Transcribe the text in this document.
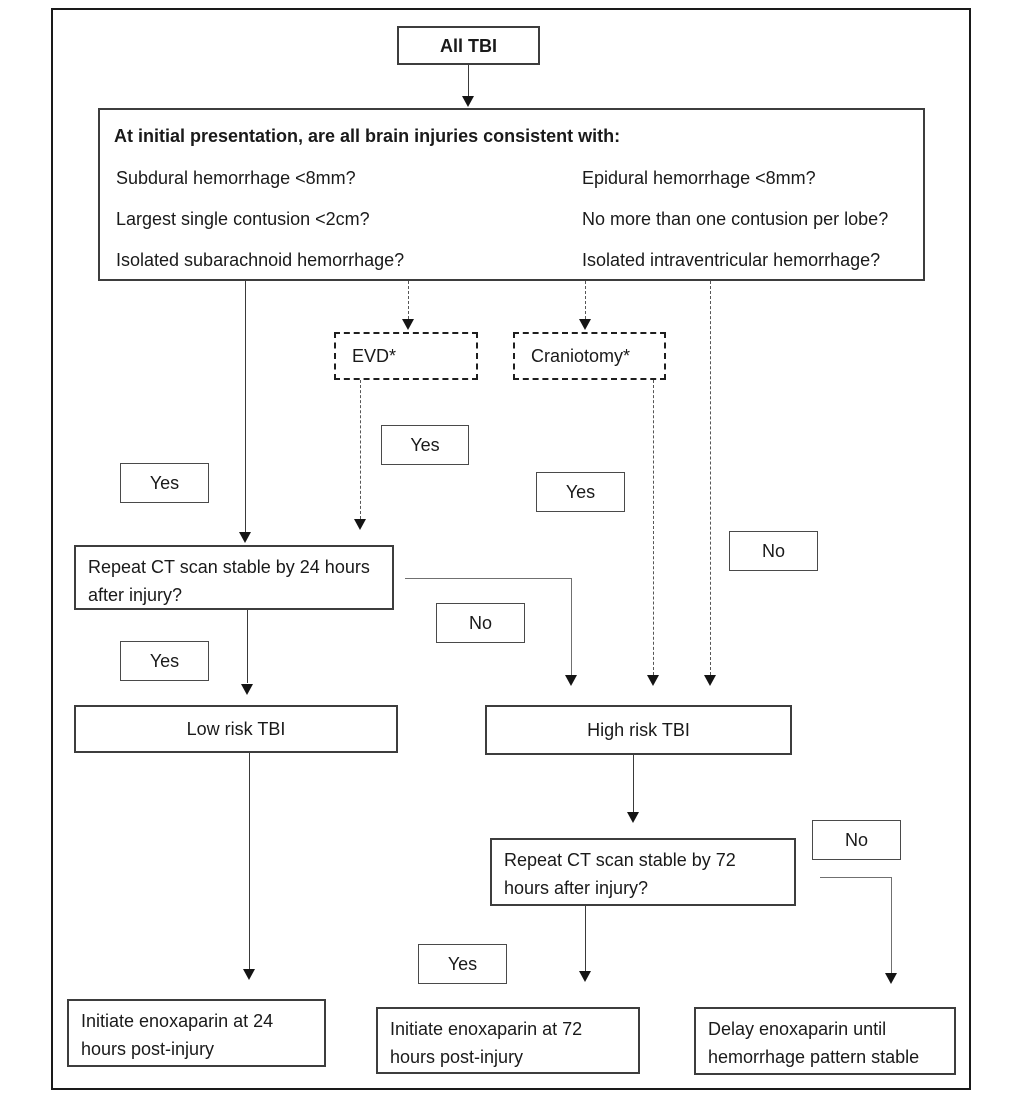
All TBI
At initial presentation, are all brain injuries consistent with:
Subdural hemorrhage <8mm?
Largest single contusion <2cm?
Isolated subarachnoid hemorrhage?
Epidural hemorrhage <8mm?
No more than one contusion per lobe?
Isolated intraventricular hemorrhage?
EVD*	Craniotomy*
Yes
Yes
Yes
No
Repeat CT scan stable by 24 hours after injury?
No
Yes
Low risk TBI	High risk TBI
Repeat CT scan stable by 72 hours after injury?
No
Yes
Initiate enoxaparin at 24 hours post-injury
Initiate enoxaparin at 72 hours post-injury
Delay enoxaparin until hemorrhage pattern stable
